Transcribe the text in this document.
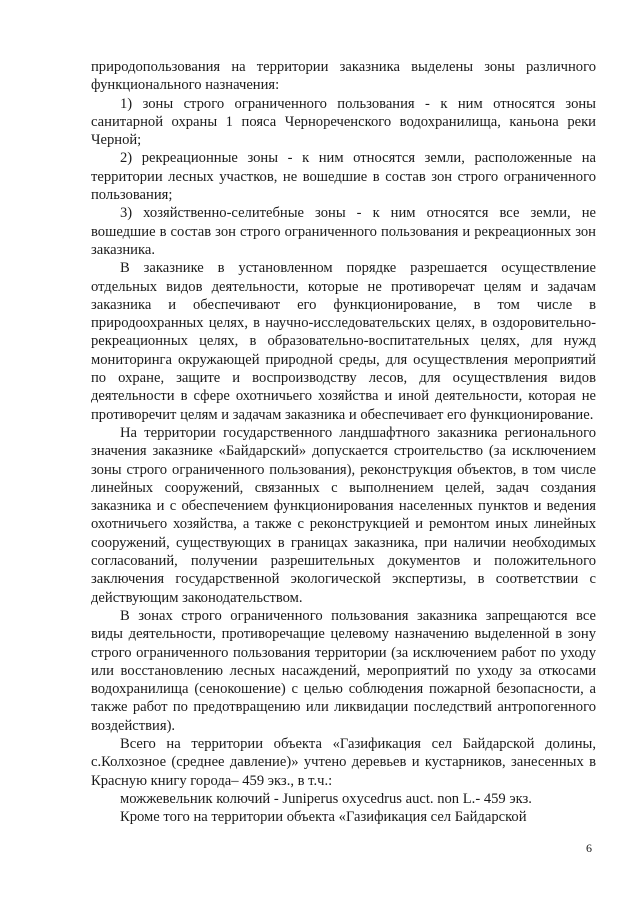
природопользования на территории заказника выделены зоны различного функционального назначения:

1) зоны строго ограниченного пользования - к ним относятся зоны санитарной охраны 1 пояса Чернореченского водохранилища, каньона реки Черной;

2) рекреационные зоны - к ним относятся земли, расположенные на территории лесных участков, не вошедшие в состав зон строго ограниченного пользования;

3) хозяйственно-селитебные зоны - к ним относятся все земли, не вошедшие в состав зон строго ограниченного пользования и рекреационных зон заказника.

В заказнике в установленном порядке разрешается осуществление отдельных видов деятельности, которые не противоречат целям и задачам заказника и обеспечивают его функционирование, в том числе в природоохранных целях, в научно-исследовательских целях, в оздоровительно-рекреационных целях, в образовательно-воспитательных целях, для нужд мониторинга окружающей природной среды, для осуществления мероприятий по охране, защите и воспроизводству лесов, для осуществления видов деятельности в сфере охотничьего хозяйства и иной деятельности, которая не противоречит целям и задачам заказника и обеспечивает его функционирование.

На территории государственного ландшафтного заказника регионального значения заказнике «Байдарский» допускается строительство (за исключением зоны строго ограниченного пользования), реконструкция объектов, в том числе линейных сооружений, связанных с выполнением целей, задач создания заказника и с обеспечением функционирования населенных пунктов и ведения охотничьего хозяйства, а также с реконструкцией и ремонтом иных линейных сооружений, существующих в границах заказника, при наличии необходимых согласований, получении разрешительных документов и положительного заключения государственной экологической экспертизы, в соответствии с действующим законодательством.

В зонах строго ограниченного пользования заказника запрещаются все виды деятельности, противоречащие целевому назначению выделенной в зону строго ограниченного пользования территории (за исключением работ по уходу или восстановлению лесных насаждений, мероприятий по уходу за откосами водохранилища (сенокошение) с целью соблюдения пожарной безопасности, а также работ по предотвращению или ликвидации последствий антропогенного воздействия).

Всего на территории объекта «Газификация сел Байдарской долины, с.Колхозное (среднее давление)» учтено деревьев и кустарников, занесенных в Красную книгу города– 459 экз., в т.ч.:

можжевельник колючий - Juniperus oxycedrus auct. non L.- 459 экз.

Кроме того на территории объекта «Газификация сел Байдарской

6
